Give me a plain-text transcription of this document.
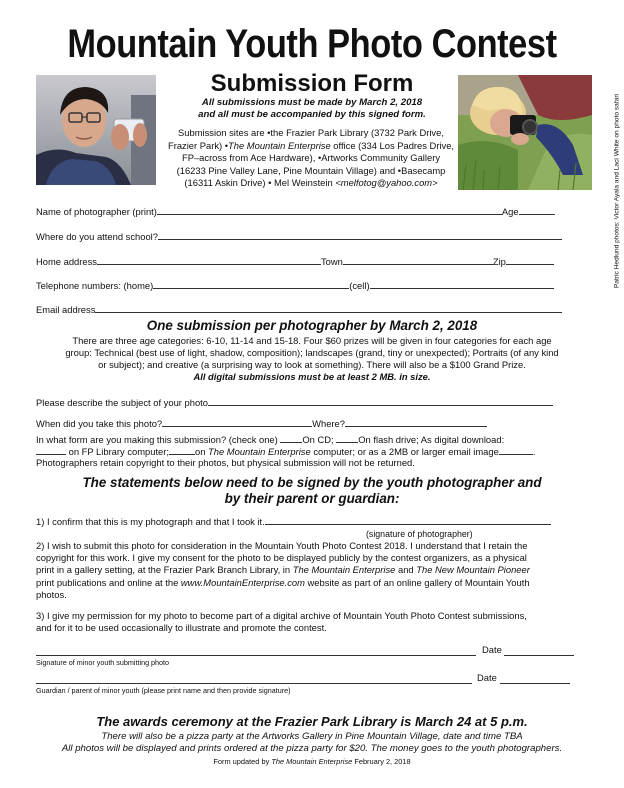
Mountain Youth Photo Contest
Submission Form
All submissions must be made by March 2, 2018
and all must be accompanied by this signed form.
Submission sites are •the Frazier Park Library (3732 Park Drive,
Frazier Park) •The Mountain Enterprise office (334 Los Padres Drive,
FP–across from Ace Hardware), •Artworks Community Gallery
(16233 Pine Valley Lane, Pine Mountain Village) and •Basecamp
(16311 Askin Drive) • Mel Weinstein <melfotog@yahoo.com>	Patric Hedlund photos: Victor Ayala and Laci White on photo safari
Name of photographer (print)	Age
Where do you attend school?
Home address	Town	Zip
Telephone numbers: (home)	(cell)
Email address
One submission per photographer by March 2, 2018
There are three age categories: 6-10, 11-14 and 15-18. Four $60 prizes will be given in four categories for each age
group: Technical (best use of light, shadow, composition); landscapes (grand, tiny or unexpected); Portraits (of any kind
or subject); and creative (a surprising way to look at something). There will also be a $100 Grand Prize.
All digital submissions must be at least 2 MB. in size.
Please describe the subject of your photo
When did you take this photo?	Where?
In what form are you making this submission? (check one) On CD; On flash drive; As digital download:
on FP Library computer;	on The Mountain Enterprise computer; or as a 2MB or larger email image	.
Photographers retain copyright to their photos, but physical submission will not be returned.
The statements below need to be signed by the youth photographer and
by their parent or guardian:
1) I confirm that this is my photograph and that I took it.
(signature of photographer)
2) I wish to submit this photo for consideration in the Mountain Youth Photo Contest 2018. I understand that I retain the
copyright for this work. I give my consent for the photo to be displayed publicly by the contest organizers, as a physical
print in a gallery setting, at the Frazier Park Branch Library, in The Mountain Enterprise and The New Mountain Pioneer
print publications and online at the www.MountainEnterprise.com website as part of an online gallery of Mountain Youth
photos.
3) I give my permission for my photo to become part of a digital archive of Mountain Youth Photo Contest submissions,
and for it to be used occasionally to illustrate and promote the contest.
Date
Signature of minor youth submitting photo
Date
Guardian / parent of minor youth (please print name and then provide signature)
The awards ceremony at the Frazier Park Library is March 24 at 5 p.m.
There will also be a pizza party at the Artworks Gallery in Pine Mountain Village, date and time TBA
All photos will be displayed and prints ordered at the pizza party for $20. The money goes to the youth photographers.
Form updated by The Mountain Enterprise February 2, 2018
